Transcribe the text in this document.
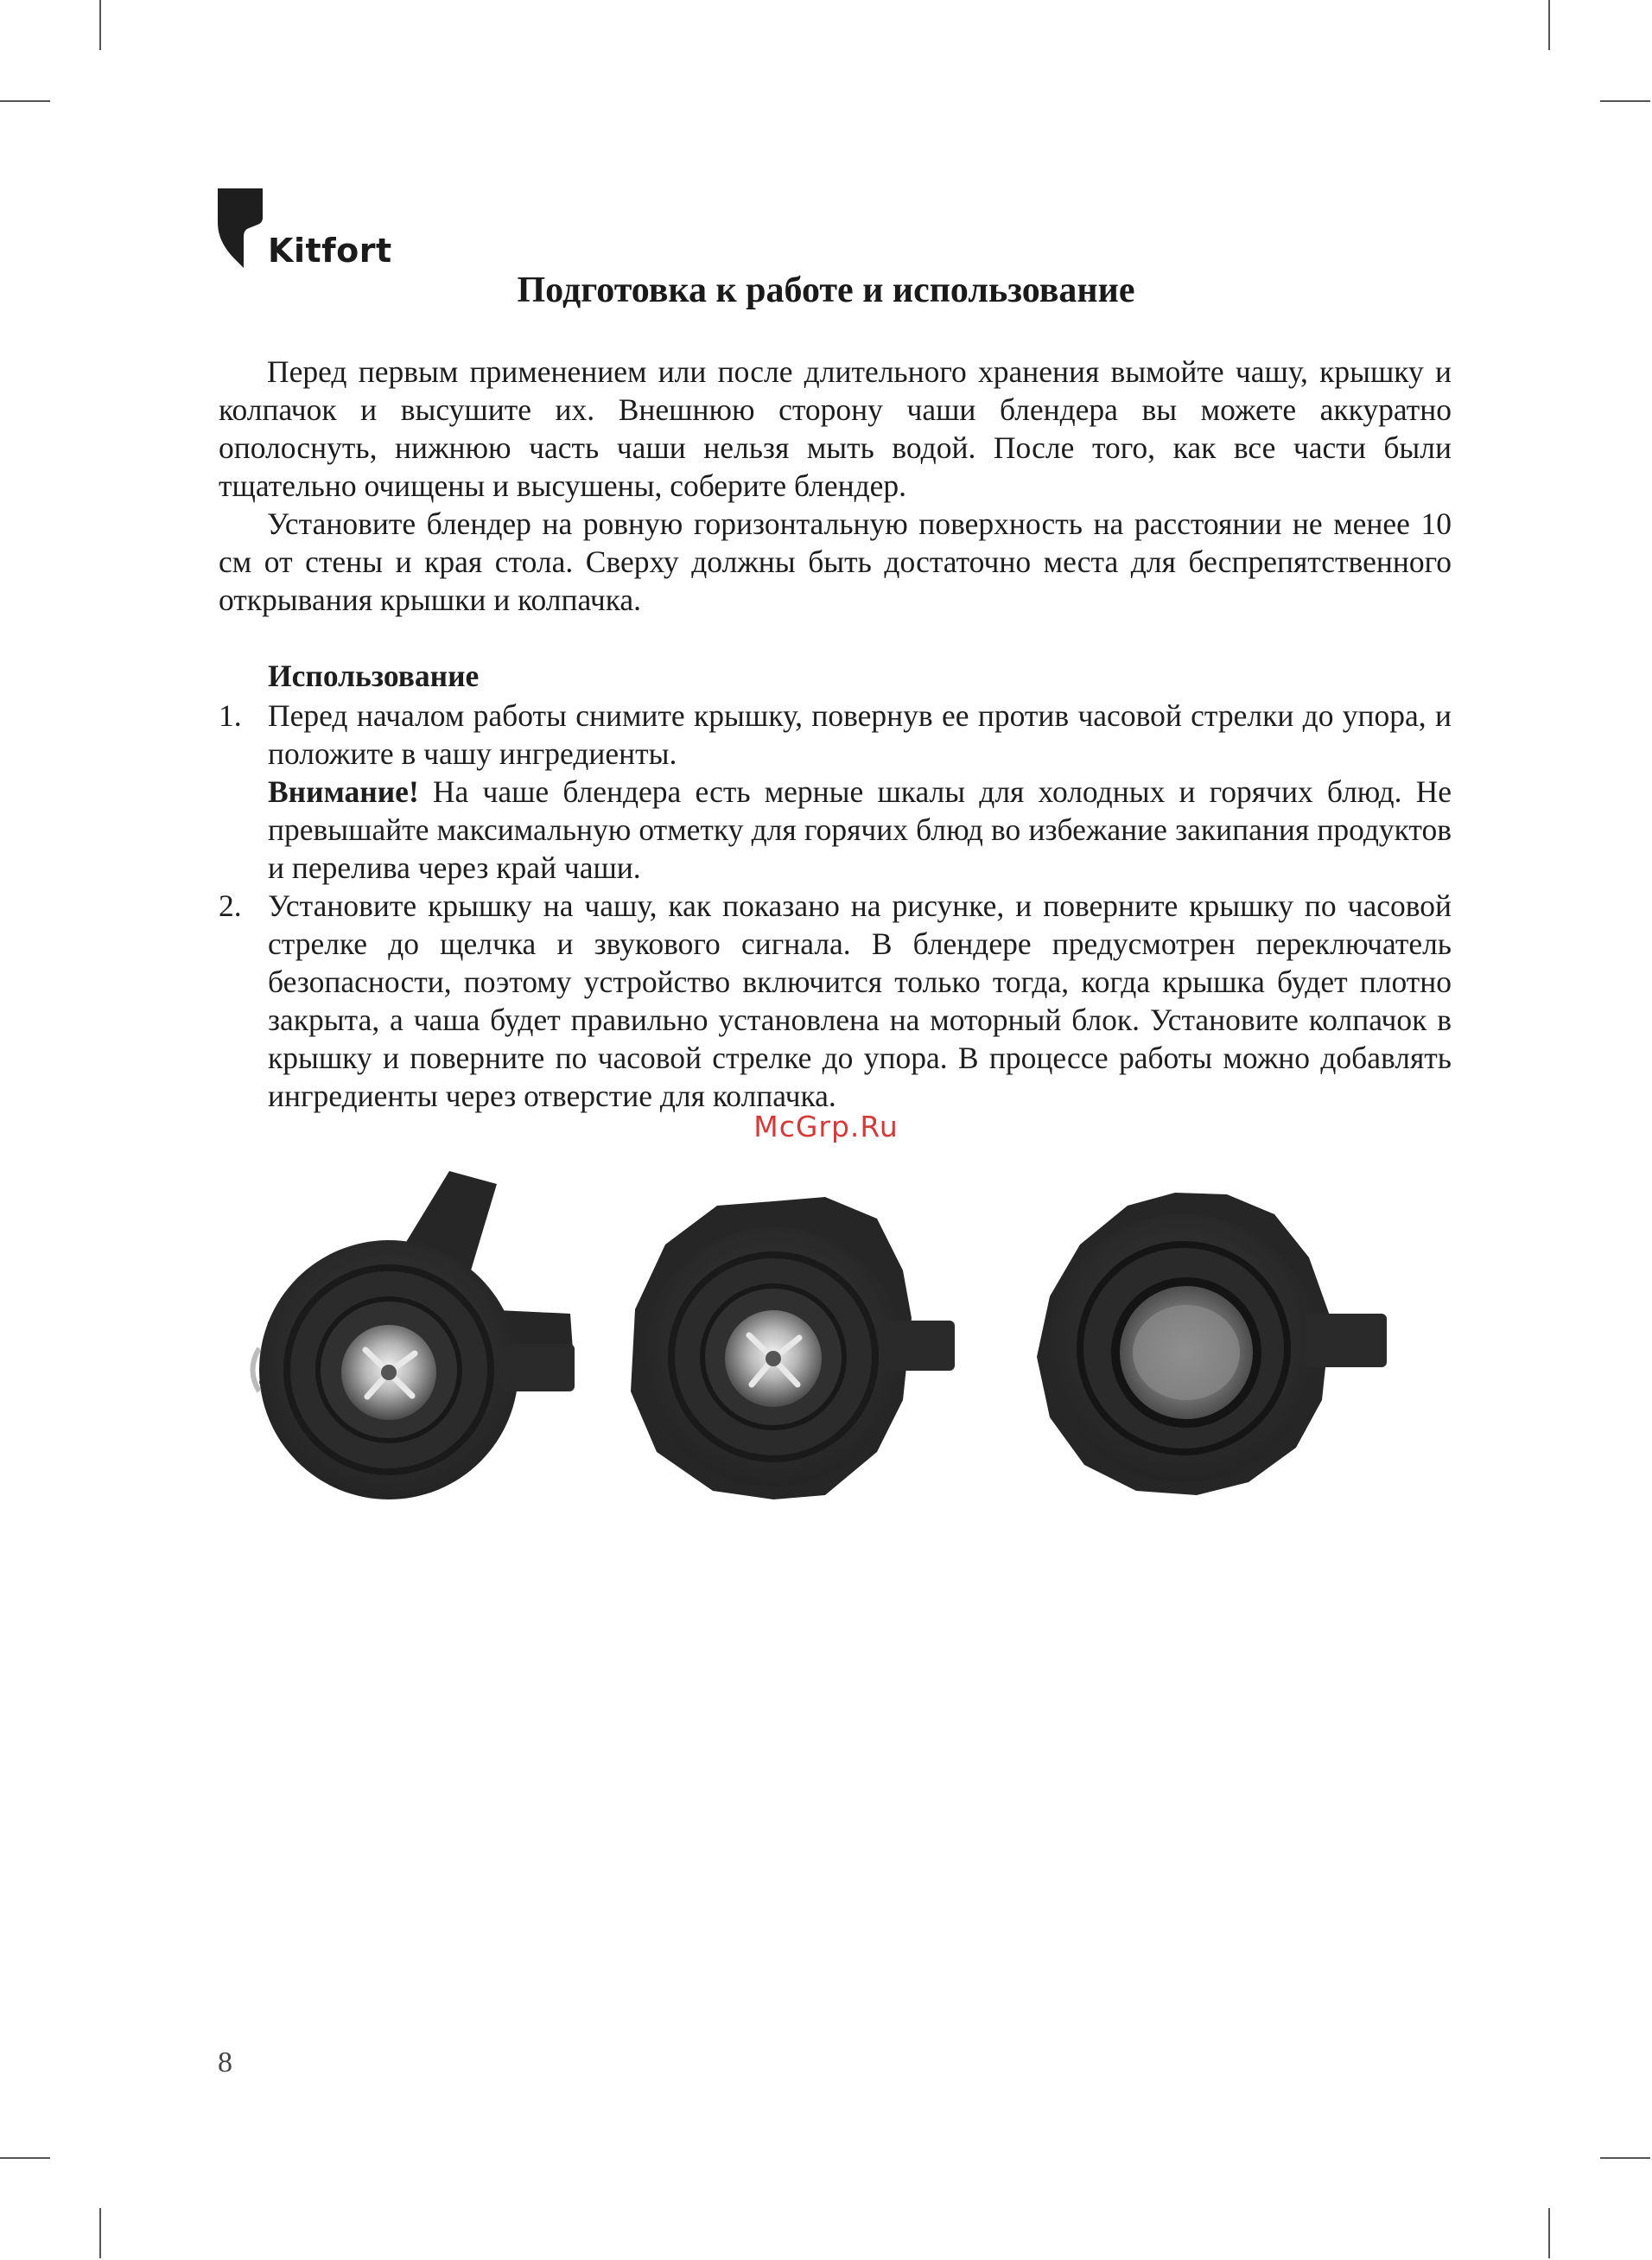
Kitfort
Подготовка к работе и использование

Перед первым применением или после длительного хранения вымойте чашу, крышку и колпачок и высушите их. Внешнюю сторону чаши блендера вы можете аккуратно ополоснуть, нижнюю часть чаши нельзя мыть водой. После того, как все части были тщательно очищены и высушены, соберите блендер.

Установите блендер на ровную горизонтальную поверхность на расстоянии не менее 10 см от стены и края стола. Сверху должны быть достаточно места для беспрепятственного открывания крышки и колпачка.

Использование
1. Перед началом работы снимите крышку, повернув ее против часовой стрелки до упора, и положите в чашу ингредиенты.

Внимание! На чаше блендера есть мерные шкалы для холодных и горячих блюд. Не превышайте максимальную отметку для горячих блюд во избежание закипания продуктов и перелива через край чаши.

2. Установите крышку на чашу, как показано на рисунке, и поверните крышку по часовой стрелке до щелчка и звукового сигнала. В блендере предусмотрен переключатель безопасности, поэтому устройство включится только тогда, когда крышка будет плотно закрыта, а чаша будет правильно установлена на моторный блок. Установите колпачок в крышку и поверните по часовой стрелке до упора. В процессе работы можно добавлять ингредиенты через отверстие для колпачка.

McGrp.Ru
8
